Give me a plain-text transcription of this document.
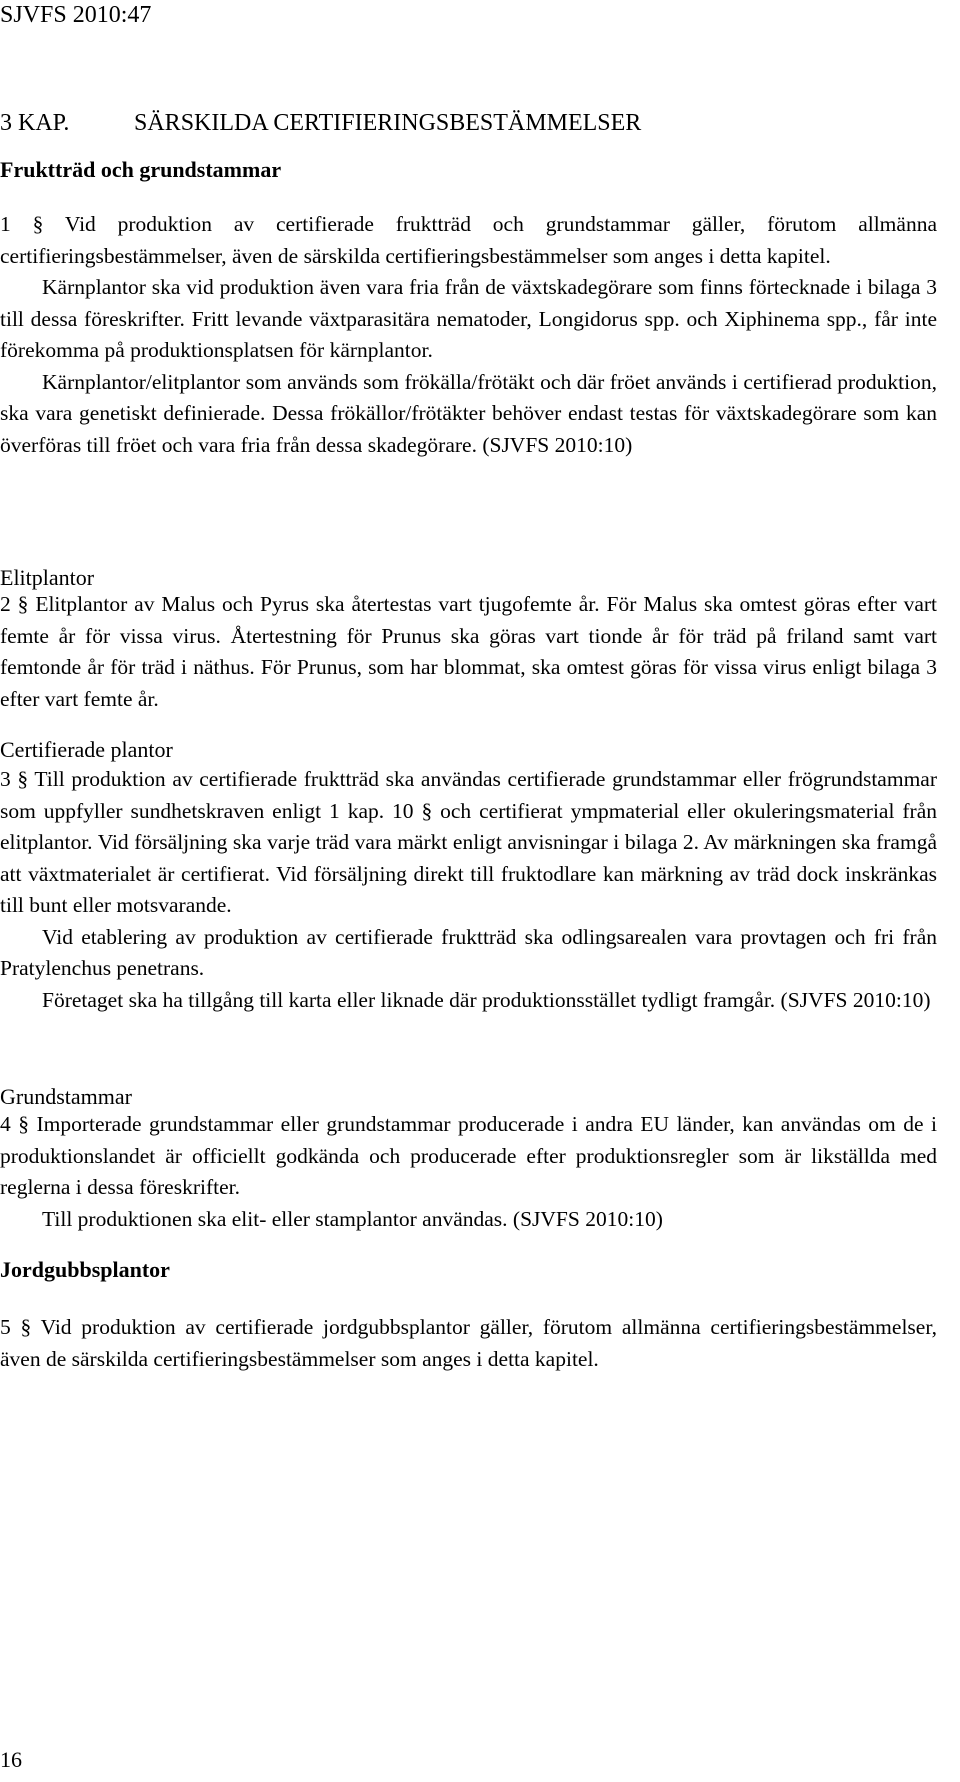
SJVFS 2010:47
3 KAP.	SÄRSKILDA CERTIFIERINGSBESTÄMMELSER
Fruktträd och grundstammar

1 § Vid produktion av certifierade fruktträd och grundstammar gäller, förutom allmänna certifieringsbestämmelser, även de särskilda certifieringsbestämmelser som anges i detta kapitel.

Kärnplantor ska vid produktion även vara fria från de växtskadegörare som finns förtecknade i bilaga 3 till dessa föreskrifter. Fritt levande växtparasitära nematoder, Longidorus spp. och Xiphinema spp., får inte förekomma på produktionsplatsen för kärnplantor.

Kärnplantor/elitplantor som används som frökälla/frötäkt och där fröet används i certifierad produktion, ska vara genetiskt definierade. Dessa frökällor/frötäkter behöver endast testas för växtskadegörare som kan överföras till fröet och vara fria från dessa skadegörare. (SJVFS 2010:10)

Elitplantor

2 § Elitplantor av Malus och Pyrus ska återtestas vart tjugofemte år. För Malus ska omtest göras efter vart femte år för vissa virus. Återtestning för Prunus ska göras vart tionde år för träd på friland samt vart femtonde år för träd i näthus. För Prunus, som har blommat, ska omtest göras för vissa virus enligt bilaga 3 efter vart femte år.

Certifierade plantor

3 § Till produktion av certifierade fruktträd ska användas certifierade grundstammar eller frögrundstammar som uppfyller sundhetskraven enligt 1 kap. 10 § och certifierat ympmaterial eller okuleringsmaterial från elitplantor. Vid försäljning ska varje träd vara märkt enligt anvisningar i bilaga 2. Av märkningen ska framgå att växtmaterialet är certifierat. Vid försäljning direkt till fruktodlare kan märkning av träd dock inskränkas till bunt eller motsvarande.

Vid etablering av produktion av certifierade fruktträd ska odlingsarealen vara provtagen och fri från Pratylenchus penetrans.

Företaget ska ha tillgång till karta eller liknade där produktionsstället tydligt framgår. (SJVFS 2010:10)

Grundstammar

4 § Importerade grundstammar eller grundstammar producerade i andra EU länder, kan användas om de i produktionslandet är officiellt godkända och producerade efter produktionsregler som är likställda med reglerna i dessa föreskrifter.

Till produktionen ska elit- eller stamplantor användas. (SJVFS 2010:10)

Jordgubbsplantor

5 § Vid produktion av certifierade jordgubbsplantor gäller, förutom allmänna certifieringsbestämmelser, även de särskilda certifieringsbestämmelser som anges i detta kapitel.

16
